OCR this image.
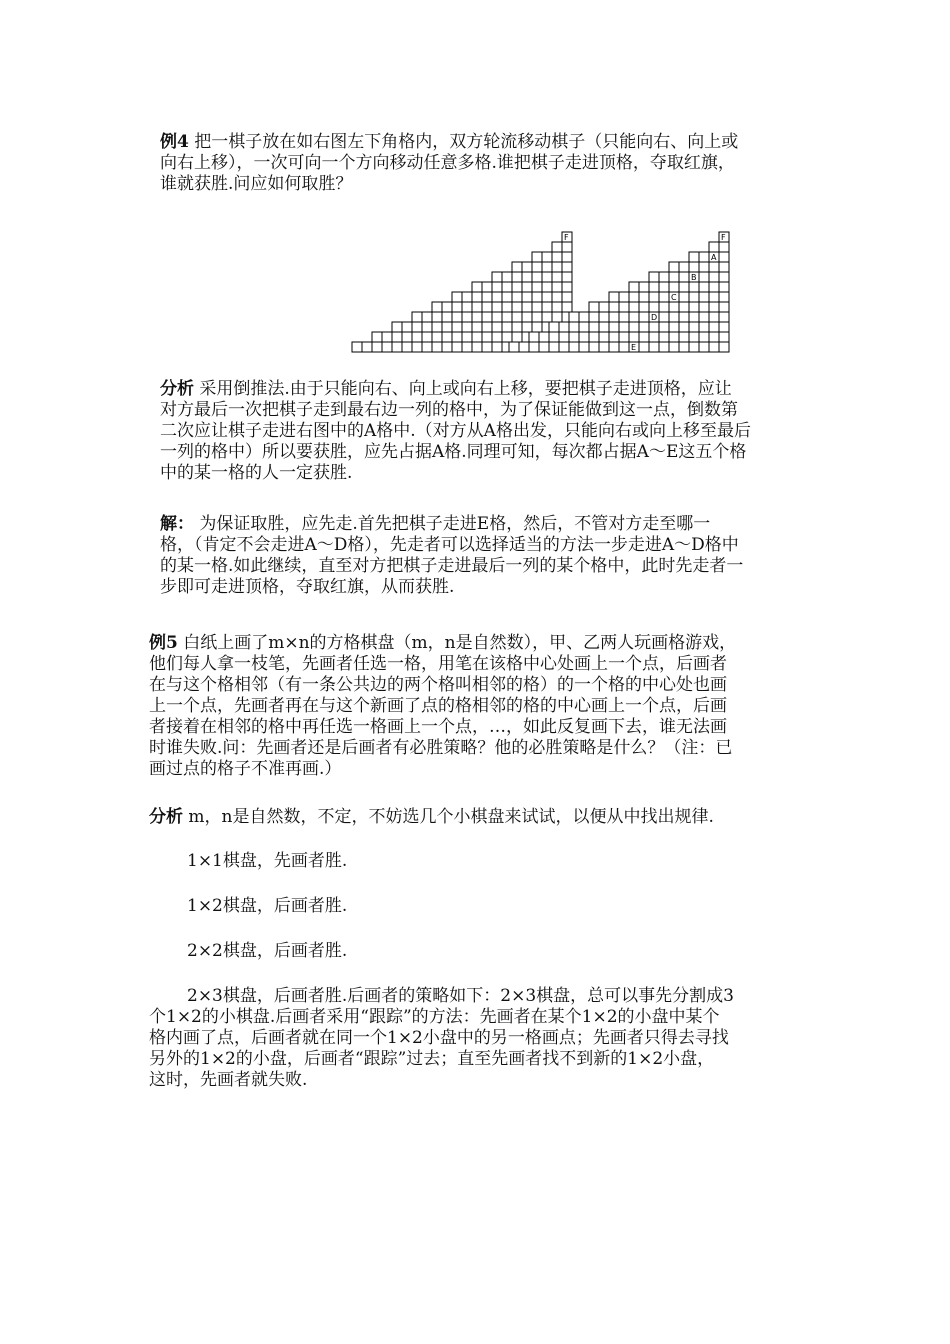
例4 把一棋子放在如右图左下角格内，双方轮流移动棋子（只能向右、向上或
向右上移），一次可向一个方向移动任意多格.谁把棋子走进顶格，夺取红旗，
谁就获胜.问应如何取胜？
F	F
A
B
C
D
E
分析 采用倒推法.由于只能向右、向上或向右上移，要把棋子走进顶格，应让
对方最后一次把棋子走到最右边一列的格中，为了保证能做到这一点，倒数第
二次应让棋子走进右图中的A格中.（对方从A格出发，只能向右或向上移至最后
一列的格中）所以要获胜，应先占据A格.同理可知，每次都占据A～E这五个格
中的某一格的人一定获胜.
解： 为保证取胜，应先走.首先把棋子走进E格，然后，不管对方走至哪一
格，（肯定不会走进A～D格），先走者可以选择适当的方法一步走进A～D格中
的某一格.如此继续，直至对方把棋子走进最后一列的某个格中，此时先走者一
步即可走进顶格，夺取红旗，从而获胜.
例5 白纸上画了m×n的方格棋盘（m，n是自然数），甲、乙两人玩画格游戏，
他们每人拿一枝笔，先画者任选一格，用笔在该格中心处画上一个点，后画者
在与这个格相邻（有一条公共边的两个格叫相邻的格）的一个格的中心处也画
上一个点，先画者再在与这个新画了点的格相邻的格的中心画上一个点，后画
者接着在相邻的格中再任选一格画上一个点，…，如此反复画下去，谁无法画
时谁失败.问：先画者还是后画者有必胜策略？他的必胜策略是什么？（注：已
画过点的格子不准再画.）
分析 m，n是自然数，不定，不妨选几个小棋盘来试试，以便从中找出规律.
1×1棋盘，先画者胜.
1×2棋盘，后画者胜.
2×2棋盘，后画者胜.
2×3棋盘，后画者胜.后画者的策略如下：2×3棋盘，总可以事先分割成3
个1×2的小棋盘.后画者采用“跟踪”的方法：先画者在某个1×2的小盘中某个
格内画了点，后画者就在同一个1×2小盘中的另一格画点；先画者只得去寻找
另外的1×2的小盘，后画者“跟踪”过去；直至先画者找不到新的1×2小盘，
这时，先画者就失败.
